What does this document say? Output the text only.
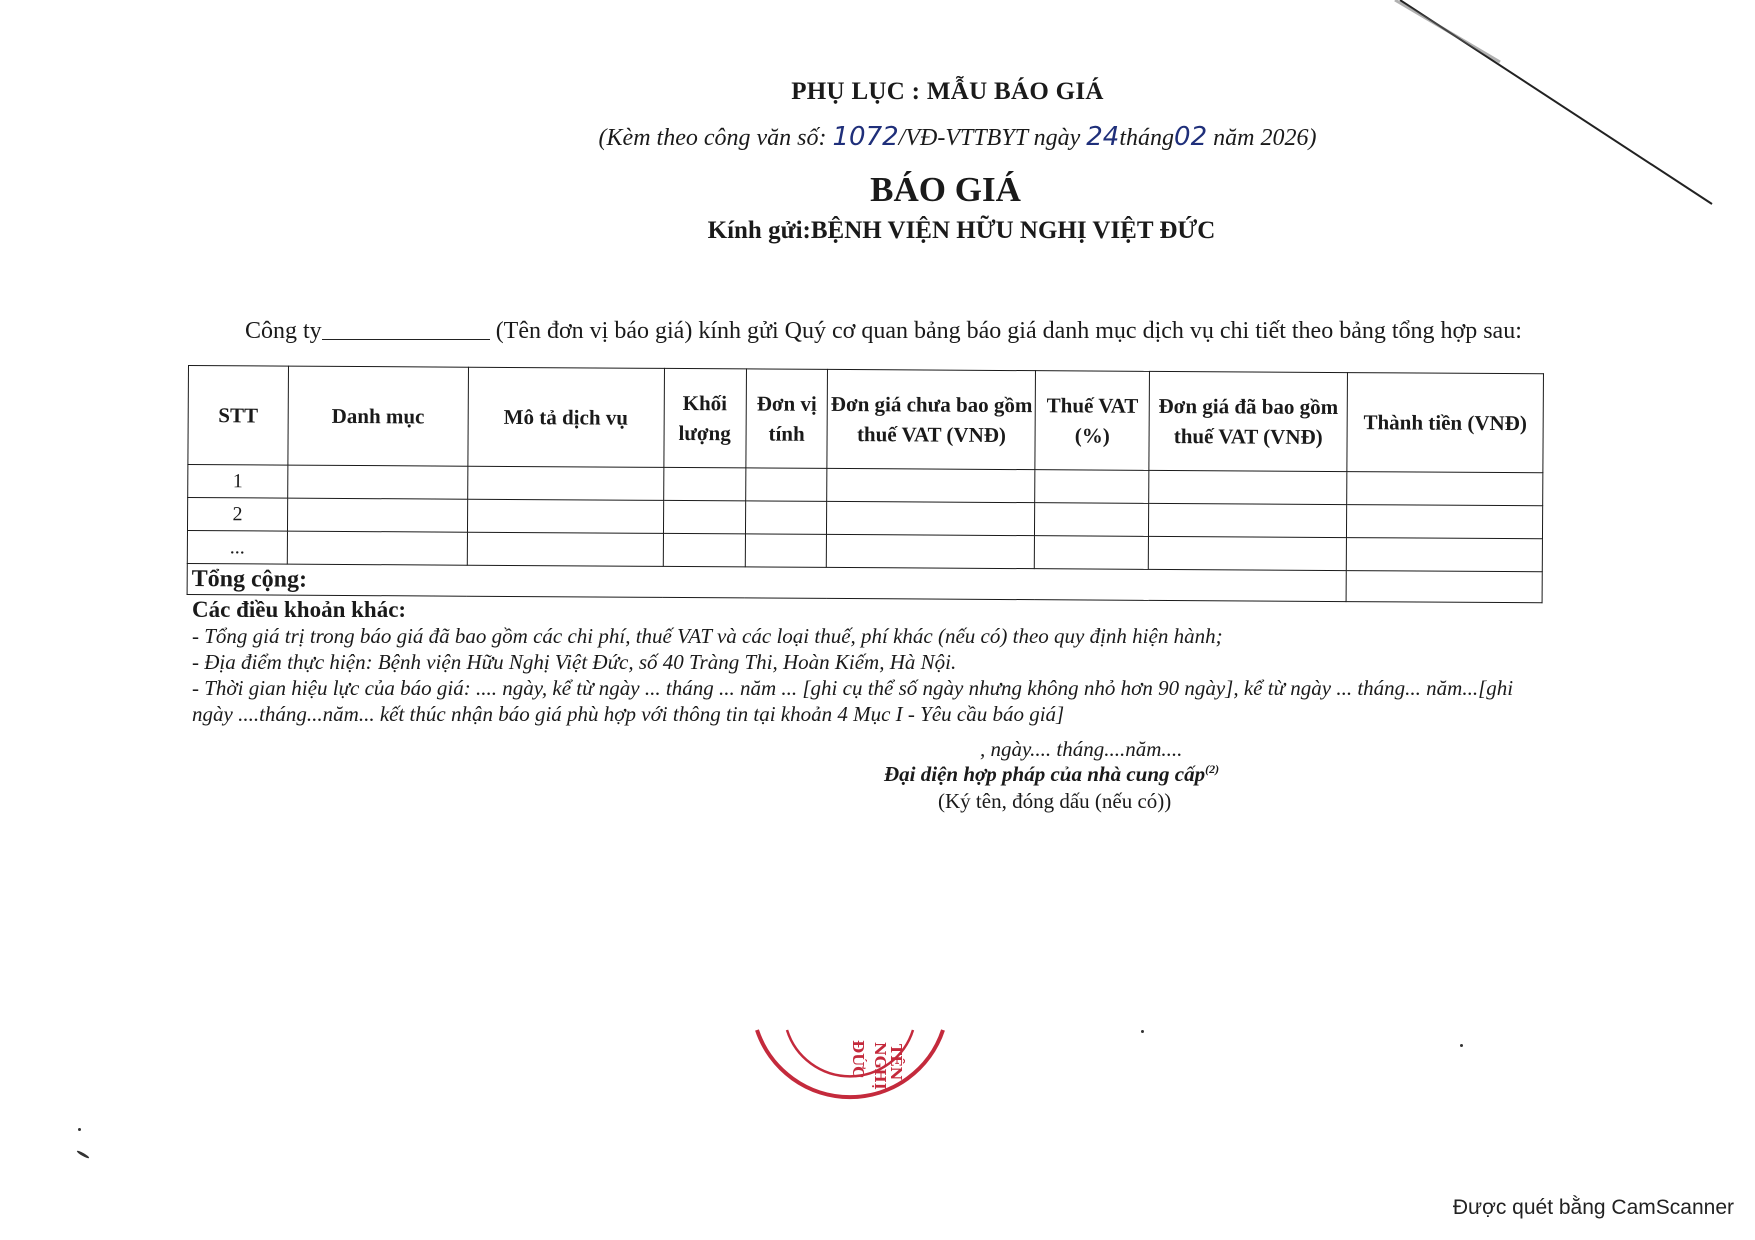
PHỤ LỤC : MẪU BÁO GIÁ
(Kèm theo công văn số: 1072/VĐ-VTTBYT ngày 24tháng02 năm 2026)
BÁO GIÁ
Kính gửi:BỆNH VIỆN HỮU NGHỊ VIỆT ĐỨC
Công ty	(Tên đơn vị báo giá) kính gửi Quý cơ quan bảng báo giá danh mục dịch vụ chi tiết theo bảng tổng hợp sau:
STT	Danh mục	Mô tả dịch vụ	Khối lượng	Đơn vị tính	Đơn giá chưa bao gồm thuế VAT (VNĐ)	Thuế VAT (%)	Đơn giá đã bao gồm thuế VAT (VNĐ)	Thành tiền (VNĐ)
1								
2								
...								
Tổng cộng:								
Các điều khoản khác:
- Tổng giá trị trong báo giá đã bao gồm các chi phí, thuế VAT và các loại thuế, phí khác (nếu có) theo quy định hiện hành;
- Địa điểm thực hiện: Bệnh viện Hữu Nghị Việt Đức, số 40 Tràng Thi, Hoàn Kiếm, Hà Nội.
- Thời gian hiệu lực của báo giá: .... ngày, kể từ ngày ... tháng ... năm ... [ghi cụ thể số ngày nhưng không nhỏ hơn 90 ngày], kể từ ngày ... tháng... năm...[ghi ngày ....tháng...năm... kết thúc nhận báo giá phù hợp với thông tin tại khoản 4 Mục I - Yêu cầu báo giá]
, ngày.... tháng....năm....
Đại diện hợp pháp của nhà cung cấp$^{(2)}$
(Ký tên, đóng dấu (nếu có))
TÊN
NGHỊ
ĐỨC
Được quét bằng CamScanner
